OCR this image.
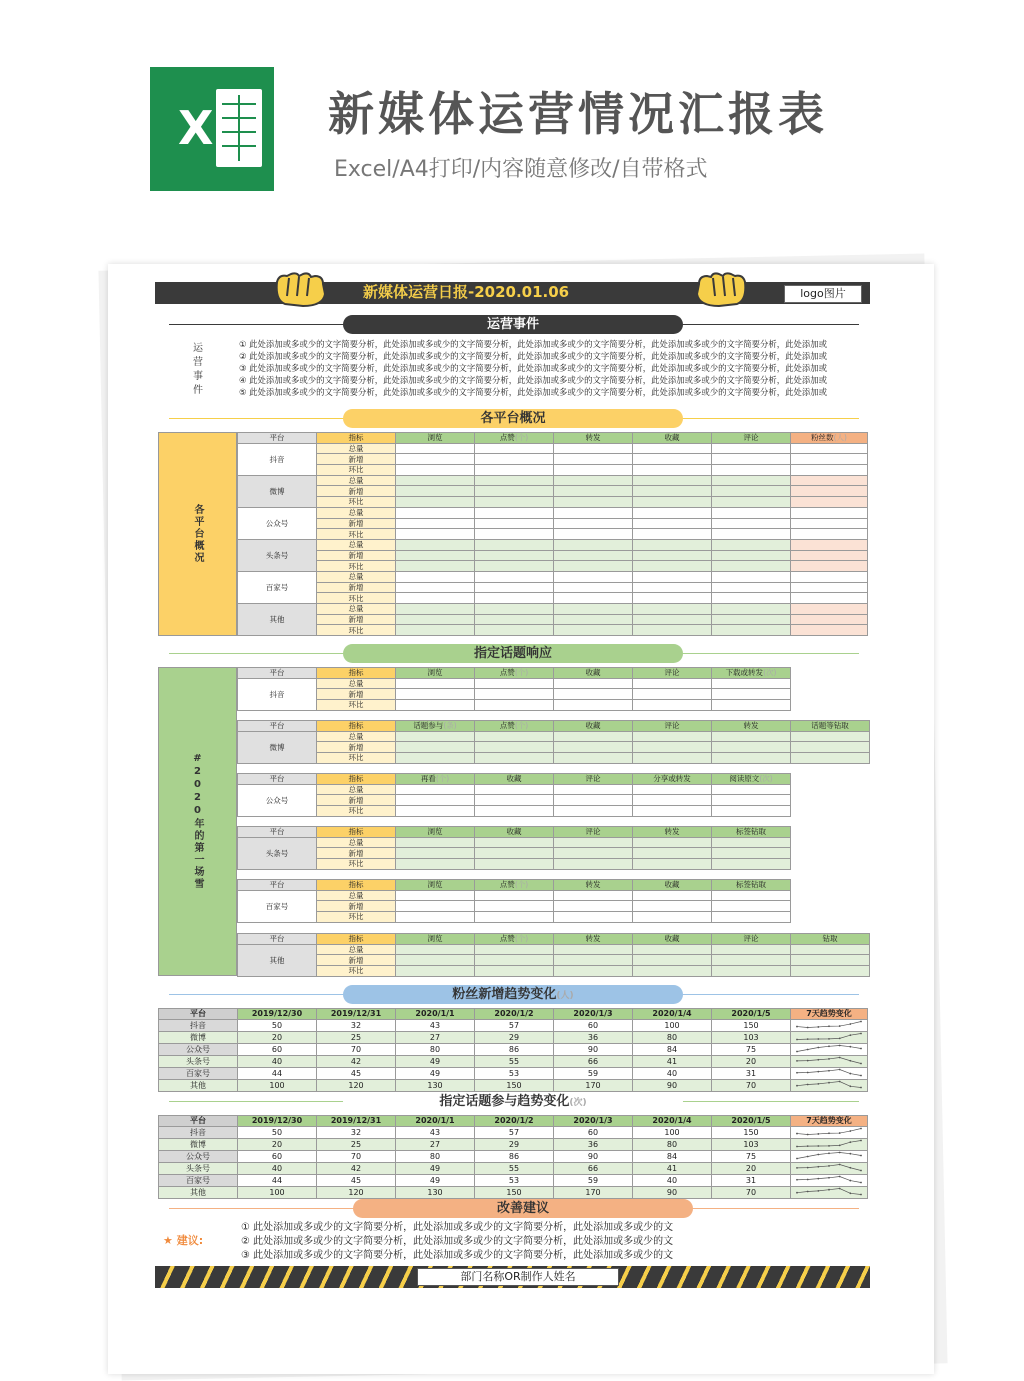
X 新媒体运营情况汇报表
Excel/A4打印/内容随意修改/自带格式
新媒体运营日报-2020.01.06	logo图片
运营事件
运营事件
① 此处添加或多或少的文字简要分析，此处添加或多或少的文字简要分析，此处添加或多或少的文字简要分析，此处添加或多或少的文字简要分析，此处添加或
② 此处添加或多或少的文字简要分析，此处添加或多或少的文字简要分析，此处添加或多或少的文字简要分析，此处添加或多或少的文字简要分析，此处添加或
③ 此处添加或多或少的文字简要分析，此处添加或多或少的文字简要分析，此处添加或多或少的文字简要分析，此处添加或多或少的文字简要分析，此处添加或
④ 此处添加或多或少的文字简要分析，此处添加或多或少的文字简要分析，此处添加或多或少的文字简要分析，此处添加或多或少的文字简要分析，此处添加或
⑤ 此处添加或多或少的文字简要分析，此处添加或多或少的文字简要分析，此处添加或多或少的文字简要分析，此处添加或多或少的文字简要分析，此处添加或
各平台概况
各平台概况
平台	指标	浏览	点赞(个)	转发	收藏	评论	粉丝数(人)
抖音	总量						
	新增						
	环比						
微博	总量						
	新增						
	环比						
公众号	总量						
	新增						
	环比						
头条号	总量						
	新增						
	环比						
百家号	总量						
	新增						
	环比						
其他	总量						
	新增						
	环比						
指定话题响应
#2020年的第一场雪
平台	指标	浏览	点赞(个)	收藏	评论	下载或转发(次)
抖音	总量					
	新增					
	环比					
平台	指标	话题参与(条)	点赞(个)	收藏	评论	转发	话题等钻取
微博	总量						
	新增						
	环比						
平台	指标	再看(个)	收藏	评论	分享或转发	阅读原文(次)
公众号	总量					
	新增					
	环比					
平台	指标	浏览	收藏	评论	转发	标签钻取
头条号	总量					
	新增					
	环比					
平台	指标	浏览	点赞(个)	转发	收藏	标签钻取
百家号	总量					
	新增					
	环比					
平台	指标	浏览	点赞(个)	转发	收藏	评论	钻取
其他	总量						
	新增						
	环比						
粉丝新增趋势变化(人)
平台	2019/12/30	2019/12/31	2020/1/1	2020/1/2	2020/1/3	2020/1/4	2020/1/5	7天趋势变化
抖音	50	32	43	57	60	100	150	
微博	20	25	27	29	36	80	103	
公众号	60	70	80	86	90	84	75	
头条号	40	42	49	55	66	41	20	
百家号	44	45	49	53	59	40	31	
其他	100	120	130	150	170	90	70	
指定话题参与趋势变化(次)
平台	2019/12/30	2019/12/31	2020/1/1	2020/1/2	2020/1/3	2020/1/4	2020/1/5	7天趋势变化
抖音	50	32	43	57	60	100	150	
微博	20	25	27	29	36	80	103	
公众号	60	70	80	86	90	84	75	
头条号	40	42	49	55	66	41	20	
百家号	44	45	49	53	59	40	31	
其他	100	120	130	150	170	90	70	
改善建议
★ 建议:
① 此处添加或多或少的文字简要分析，此处添加或多或少的文字简要分析，此处添加或多或少的文
② 此处添加或多或少的文字简要分析，此处添加或多或少的文字简要分析，此处添加或多或少的文
③ 此处添加或多或少的文字简要分析，此处添加或多或少的文字简要分析，此处添加或多或少的文
部门名称OR制作人姓名
